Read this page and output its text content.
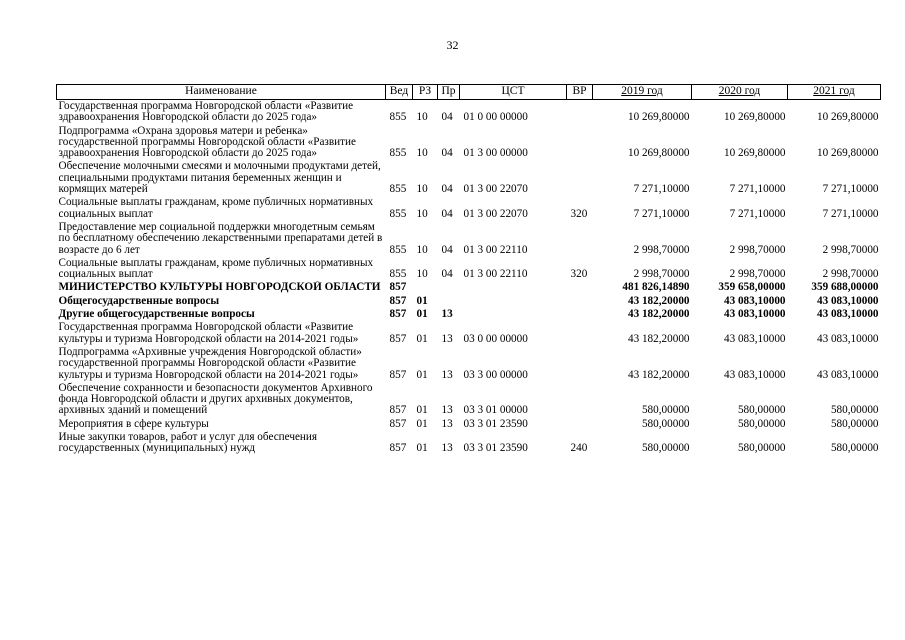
32
Наименование	Вед	РЗ	Пр	ЦСТ	ВР	2019 год	2020 год	2021 год
Государственная программа Новгородской области «Развитие здравоохранения Новгородской области до 2025 года»	855	10	04	01 0 00 00000		10 269,80000	10 269,80000	10 269,80000
Подпрограмма «Охрана здоровья матери и ребенка» государственной программы Новгородской области «Развитие здравоохранения Новгородской области до 2025 года»	855	10	04	01 3 00 00000		10 269,80000	10 269,80000	10 269,80000
Обеспечение молочными смесями и молочными продуктами детей, специальными продуктами питания беременных женщин и кормящих матерей	855	10	04	01 3 00 22070		7 271,10000	7 271,10000	7 271,10000
Социальные выплаты гражданам, кроме публичных нормативных социальных выплат	855	10	04	01 3 00 22070	320	7 271,10000	7 271,10000	7 271,10000
Предоставление мер социальной поддержки многодетным семьям по бесплатному обеспечению лекарственными препаратами детей в возрасте до 6 лет	855	10	04	01 3 00 22110		2 998,70000	2 998,70000	2 998,70000
Социальные выплаты гражданам, кроме публичных нормативных социальных выплат	855	10	04	01 3 00 22110	320	2 998,70000	2 998,70000	2 998,70000
МИНИСТЕРСТВО КУЛЬТУРЫ НОВГОРОДСКОЙ ОБЛАСТИ	857					481 826,14890	359 658,00000	359 688,00000
Общегосударственные вопросы	857	01				43 182,20000	43 083,10000	43 083,10000
Другие общегосударственные вопросы	857	01	13			43 182,20000	43 083,10000	43 083,10000
Государственная программа Новгородской области «Развитие культуры и туризма Новгородской области на 2014-2021 годы»	857	01	13	03 0 00 00000		43 182,20000	43 083,10000	43 083,10000
Подпрограмма «Архивные учреждения Новгородской области» государственной программы Новгородской области «Развитие культуры и туризма Новгородской области на 2014-2021 годы»	857	01	13	03 3 00 00000		43 182,20000	43 083,10000	43 083,10000
Обеспечение сохранности и безопасности документов Архивного фонда Новгородской области и других архивных документов, архивных зданий и помещений	857	01	13	03 3 01 00000		580,00000	580,00000	580,00000
Мероприятия в сфере культуры	857	01	13	03 3 01 23590		580,00000	580,00000	580,00000
Иные закупки товаров, работ и услуг для обеспечения государственных (муниципальных) нужд	857	01	13	03 3 01 23590	240	580,00000	580,00000	580,00000
